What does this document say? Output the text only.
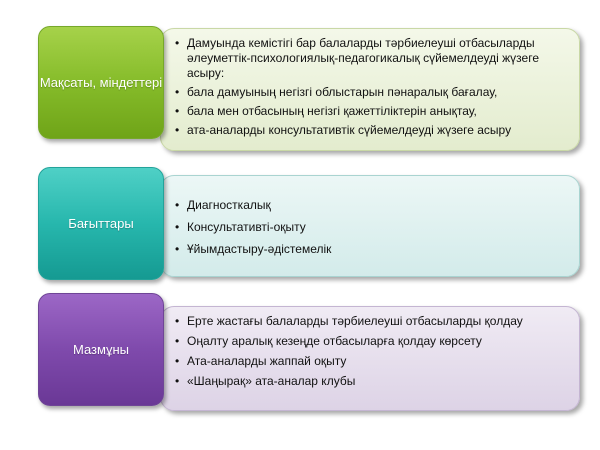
Мақсаты, міндеттері
• Дамуында кемістігі бар балаларды тәрбиелеуші отбасыларды әлеуметтік-психологиялық-педагогикалық сүйемелдеуді жүзеге асыру:
• бала дамуының негізгі облыстарын пәнаралық бағалау,
• бала мен отбасының негізгі қажеттіліктерін анықтау,
• ата-аналарды консультативтік сүйемелдеуді жүзеге асыру
Бағыттары
• Диагносткалық
• Консультативті-оқыту
• Ұйымдастыру-әдістемелік
Мазмұны
• Ерте жастағы балаларды тәрбиелеуші отбасыларды қолдау
• Оңалту аралық кезеңде отбасыларға қолдау көрсету
• Ата-аналарды жаппай оқыту
• «Шаңырақ» ата-аналар клубы
